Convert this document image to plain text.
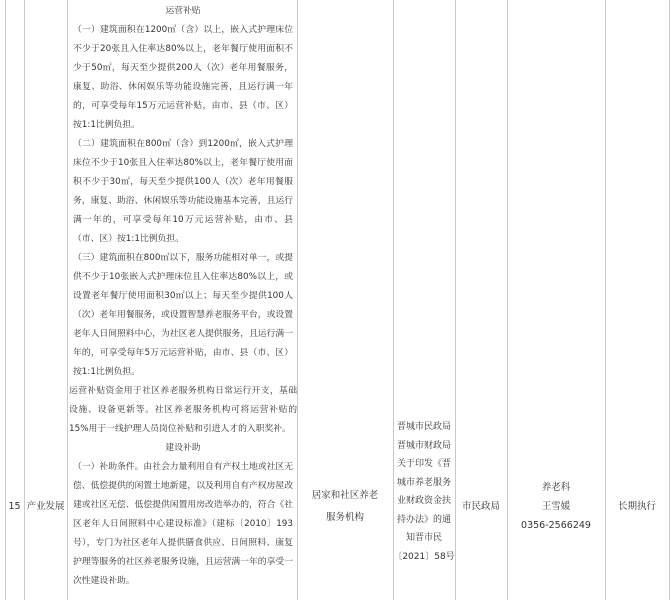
15 产业发展

运营补贴

（一）建筑面积在1200㎡（含）以上，嵌入式护理床位不少于20张且入住率达80%以上，老年餐厅使用面积不少于50㎡，每天至少提供200人（次）老年用餐服务，康复、助浴、休闲娱乐等功能设施完善，且运行满一年的，可享受每年15万元运营补贴，由市、县（市、区）按1:1比例负担。

（二）建筑面积在800㎡（含）到1200㎡，嵌入式护理床位不少于10张且入住率达80%以上，老年餐厅使用面积不少于30㎡，每天至少提供100人（次）老年用餐服务，康复、助浴、休闲娱乐等功能设施基本完善，且运行满一年的，可享受每年10万元运营补贴，由市、县（市、区）按1:1比例负担。

（三）建筑面积在800㎡以下，服务功能相对单一，或提供不少于10张嵌入式护理床位且入住率达80%以上，或设置老年餐厅使用面积30㎡以上；每天至少提供100人（次）老年用餐服务，或设置智慧养老服务平台，或设置老年人日间照料中心，为社区老人提供服务，且运行满一年的，可享受每年5万元运营补贴，由市、县（市、区）按1:1比例负担。

运营补贴资金用于社区养老服务机构日常运行开支，基础设施、设备更新等。社区养老服务机构可将运营补贴的15%用于一线护理人员岗位补贴和引进人才的入职奖补。

建设补助

（一）补助条件。由社会力量利用自有产权土地或社区无偿、低偿提供的闲置土地新建，以及利用自有产权房屋改建或社区无偿、低偿提供闲置用房改造举办的，符合《社区老年人日间照料中心建设标准》（建标〔2010〕193号），专门为社区老年人提供膳食供应、日间照料、康复护理等服务的社区养老服务设施，且运营满一年的享受一次性建设补助。

居家和社区养老服务机构
晋城市民政局晋城市财政局关于印发《晋城市养老服务业财政资金扶持办法》的通知晋市民〔2021〕58号
市民政局
养老科
王雪媛
0356-2566249
长期执行
